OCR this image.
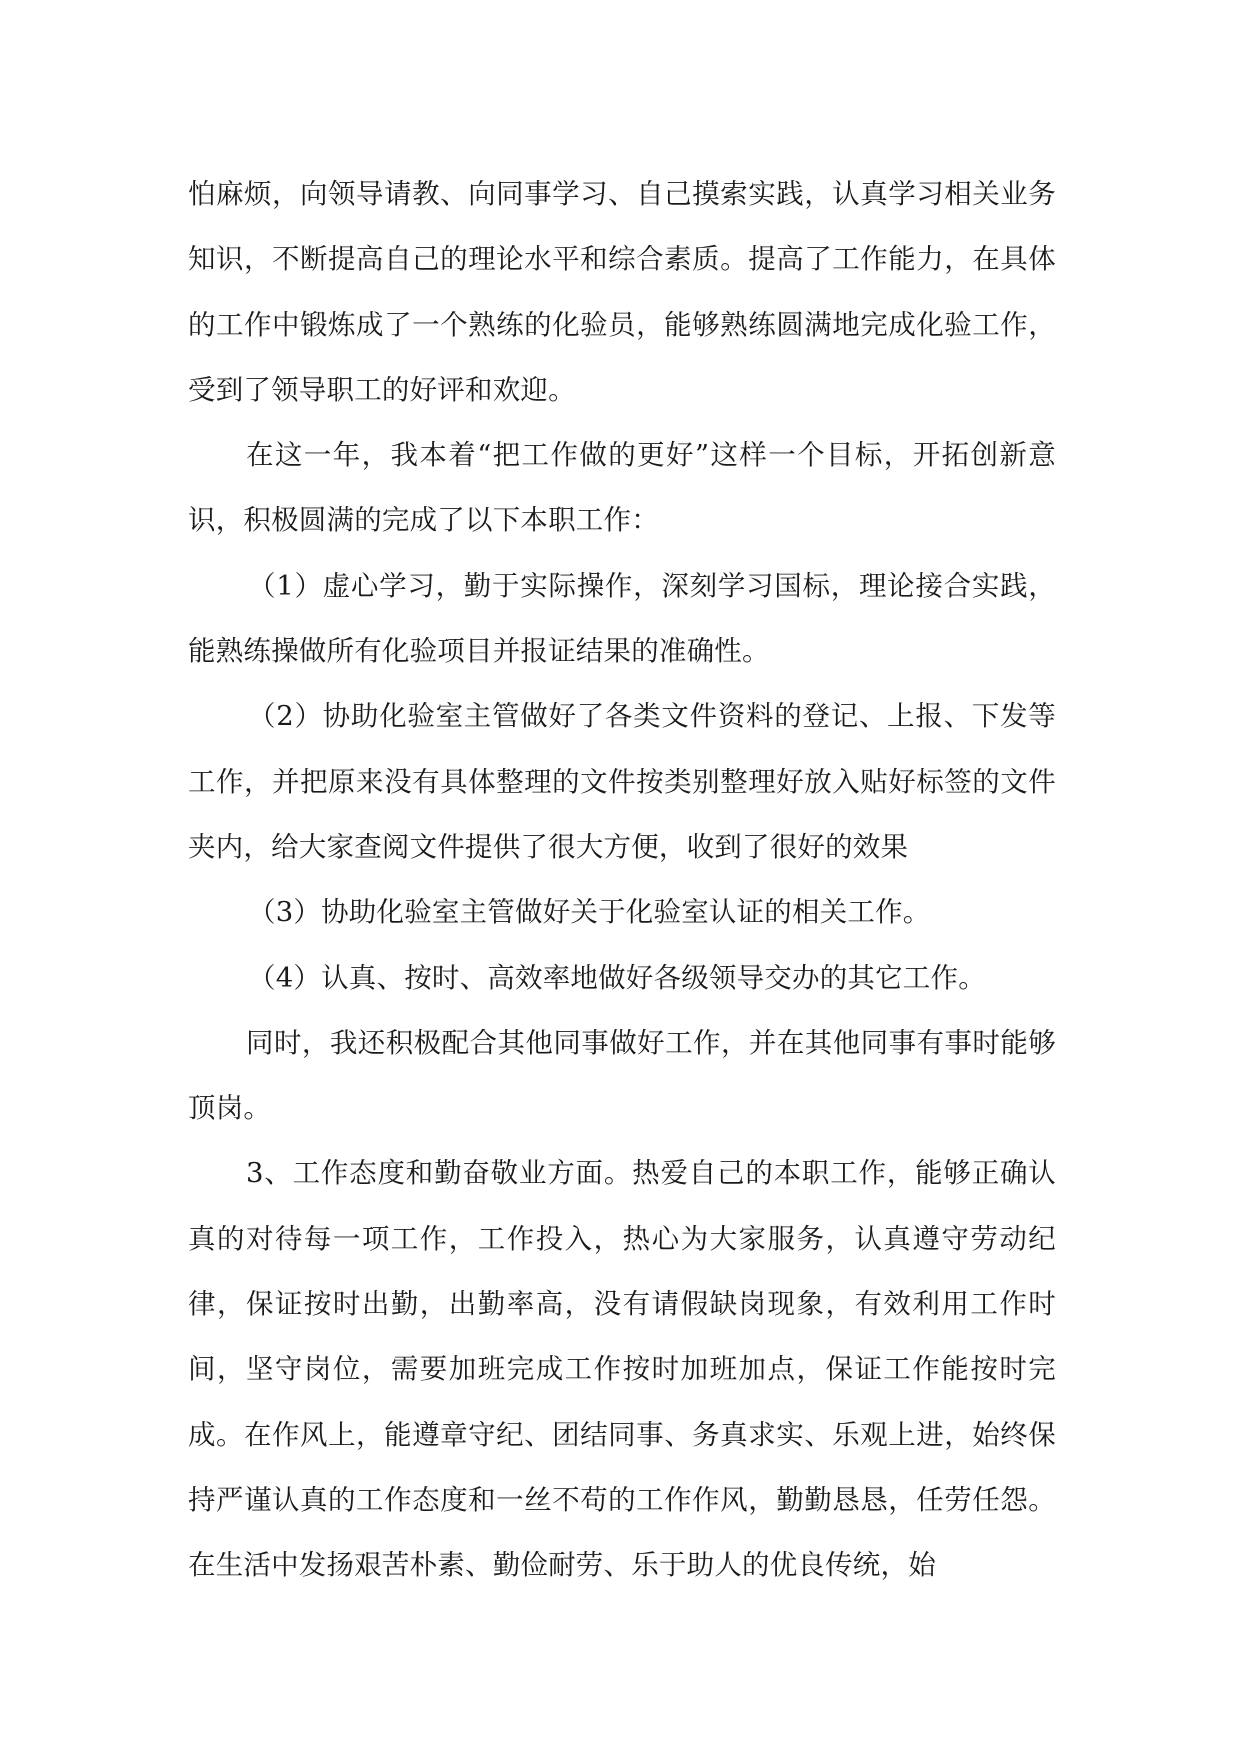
怕麻烦，向领导请教、向同事学习、自己摸索实践，认真学习相关业务知识，不断提高自己的理论水平和综合素质。提高了工作能力，在具体的工作中锻炼成了一个熟练的化验员，能够熟练圆满地完成化验工作，受到了领导职工的好评和欢迎。

在这一年，我本着“把工作做的更好”这样一个目标，开拓创新意识，积极圆满的完成了以下本职工作：

（1）虚心学习，勤于实际操作，深刻学习国标，理论接合实践，能熟练操做所有化验项目并报证结果的准确性。

（2）协助化验室主管做好了各类文件资料的登记、上报、下发等工作，并把原来没有具体整理的文件按类别整理好放入贴好标签的文件夹内，给大家查阅文件提供了很大方便，收到了很好的效果

（3）协助化验室主管做好关于化验室认证的相关工作。

（4）认真、按时、高效率地做好各级领导交办的其它工作。

同时，我还积极配合其他同事做好工作，并在其他同事有事时能够顶岗。

3、工作态度和勤奋敬业方面。热爱自己的本职工作，能够正确认真的对待每一项工作，工作投入，热心为大家服务，认真遵守劳动纪律，保证按时出勤，出勤率高，没有请假缺岗现象，有效利用工作时间，坚守岗位，需要加班完成工作按时加班加点，保证工作能按时完成。在作风上，能遵章守纪、团结同事、务真求实、乐观上进，始终保持严谨认真的工作态度和一丝不苟的工作作风，勤勤恳恳，任劳任怨。在生活中发扬艰苦朴素、勤俭耐劳、乐于助人的优良传统，始
